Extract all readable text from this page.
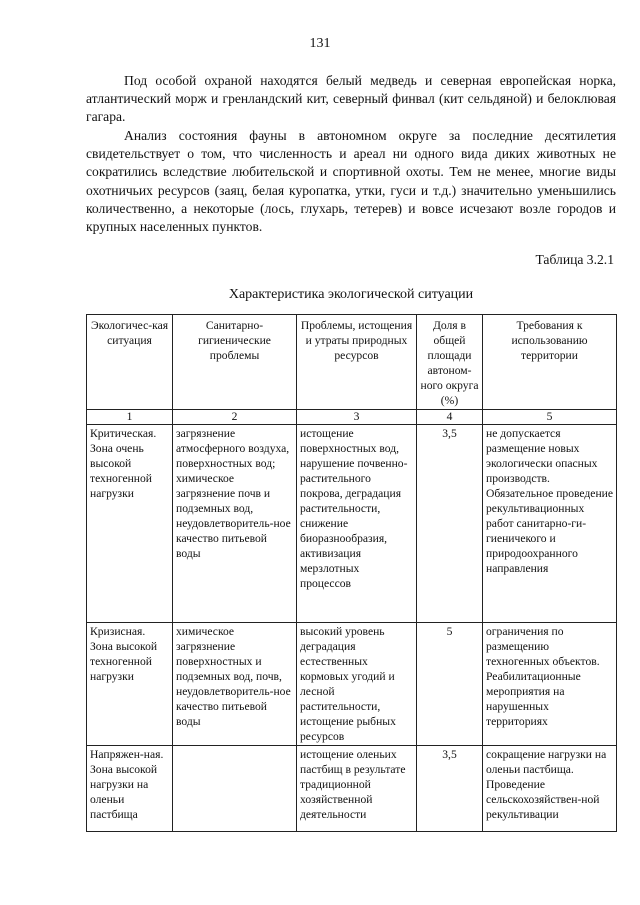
131

Под особой охраной находятся белый медведь и северная европейская норка, атлантический морж и гренландский кит, северный финвал (кит сельдяной) и белоклювая гагара.

Анализ состояния фауны в автономном округе за последние десятилетия свидетельствует о том, что численность и ареал ни одного вида диких животных не сократились вследствие любительской и спортивной охоты. Тем не менее, многие виды охотничьих ресурсов (заяц, белая куропатка, утки, гуси и т.д.) значительно уменьшились количественно, а некоторые (лось, глухарь, тетерев) и вовсе исчезают возле городов и крупных населенных пунктов.

Таблица 3.2.1
Характеристика экологической ситуации
Экологичес-кая ситуация	Санитарно-гигиенические проблемы	Проблемы, истощения и утраты природных ресурсов	Доля в общей площади автоном-ного округа (%)	Требования к использованию территории
1	2	3	4	5
Критическая. Зона очень высокой техногенной нагрузки	загрязнение атмосферного воздуха, поверхностных вод; химическое загрязнение почв и подземных вод, неудовлетворитель-ное качество питьевой воды	истощение поверхностных вод, нарушение почвенно-растительного покрова, деградация растительности, снижение биоразнообразия, активизация мерзлотных процессов	3,5	не допускается размещение новых экологически опасных производств. Обязательное проведение рекультивационных работ санитарно-ги-гиеничекого и природоохранного направления
Кризисная. Зона высокой техногенной нагрузки	химическое загрязнение поверхностных и подземных вод, почв, неудовлетворитель-ное качество питьевой воды	высокий уровень деградация естественных кормовых угодий и лесной растительности, истощение рыбных ресурсов	5	ограничения по размещению техногенных объектов. Реабилитационные мероприятия на нарушенных территориях
Напряжен-ная. Зона высокой нагрузки на оленьи пастбища		истощение оленьих пастбищ в результате традиционной хозяйственной деятельности	3,5	сокращение нагрузки на оленьи пастбища. Проведение сельскохозяйствен-ной рекультивации
